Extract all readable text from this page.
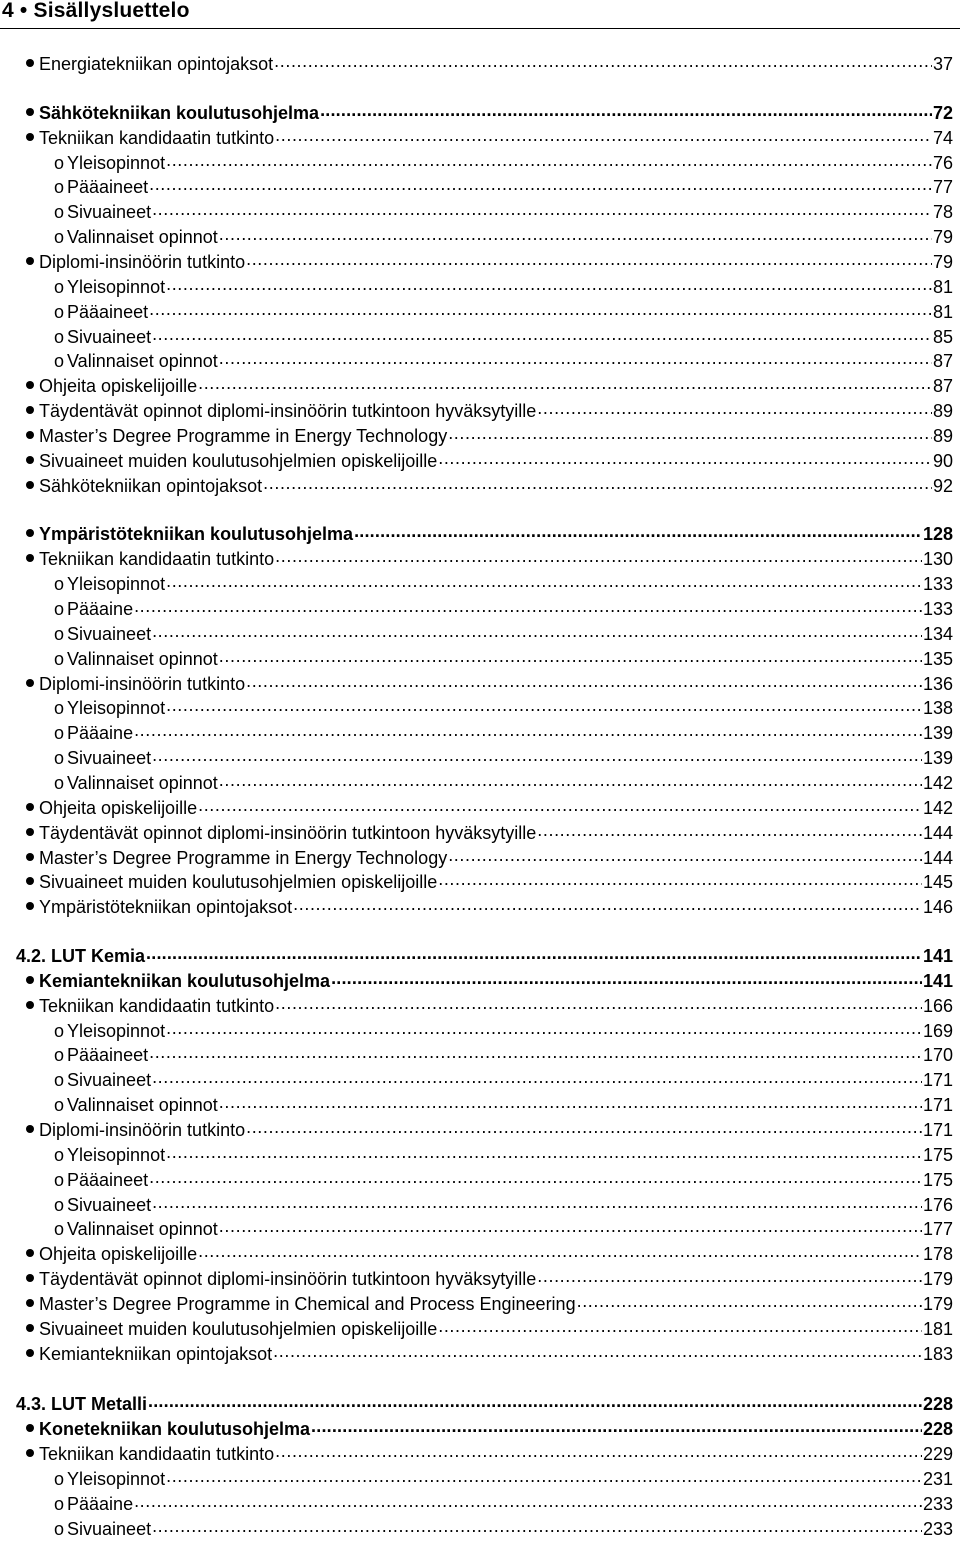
4 • Sisällysluettelo
Energiatekniikan opintojaksot .....	37
Sähkötekniikan koulutusohjelma .....	72
Tekniikan kandidaatin tutkinto .....	74
o Yleisopinnot .....	76
o Pääaineet .....	77
o Sivuaineet .....	78
o Valinnaiset opinnot .....	79
Diplomi-insinöörin tutkinto .....	79
o Yleisopinnot .....	81
o Pääaineet .....	81
o Sivuaineet .....	85
o Valinnaiset opinnot .....	87
Ohjeita opiskelijoille .....	87
Täydentävät opinnot diplomi-insinöörin tutkintoon hyväksytyille .....	89
Master’s Degree Programme in Energy Technology .....	89
Sivuaineet muiden koulutusohjelmien opiskelijoille .....	90
Sähkötekniikan opintojaksot .....	92
Ympäristötekniikan koulutusohjelma .....	128
Tekniikan kandidaatin tutkinto .....	130
o Yleisopinnot .....	133
o Pääaine .....	133
o Sivuaineet .....	134
o Valinnaiset opinnot .....	135
Diplomi-insinöörin tutkinto .....	136
o Yleisopinnot .....	138
o Pääaine .....	139
o Sivuaineet .....	139
o Valinnaiset opinnot .....	142
Ohjeita opiskelijoille .....	142
Täydentävät opinnot diplomi-insinöörin tutkintoon hyväksytyille .....	144
Master’s Degree Programme in Energy Technology .....	144
Sivuaineet muiden koulutusohjelmien opiskelijoille .....	145
Ympäristötekniikan opintojaksot .....	146
4.2. LUT Kemia .....	141
Kemiantekniikan koulutusohjelma .....	141
Tekniikan kandidaatin tutkinto .....	166
o Yleisopinnot .....	169
o Pääaineet .....	170
o Sivuaineet .....	171
o Valinnaiset opinnot .....	171
Diplomi-insinöörin tutkinto .....	171
o Yleisopinnot .....	175
o Pääaineet .....	175
o Sivuaineet .....	176
o Valinnaiset opinnot .....	177
Ohjeita opiskelijoille .....	178
Täydentävät opinnot diplomi-insinöörin tutkintoon hyväksytyille .....	179
Master’s Degree Programme in Chemical and Process Engineering .....	179
Sivuaineet muiden koulutusohjelmien opiskelijoille .....	181
Kemiantekniikan opintojaksot .....	183
4.3. LUT Metalli .....	228
Konetekniikan koulutusohjelma .....	228
Tekniikan kandidaatin tutkinto .....	229
o Yleisopinnot .....	231
o Pääaine .....	233
o Sivuaineet .....	233
